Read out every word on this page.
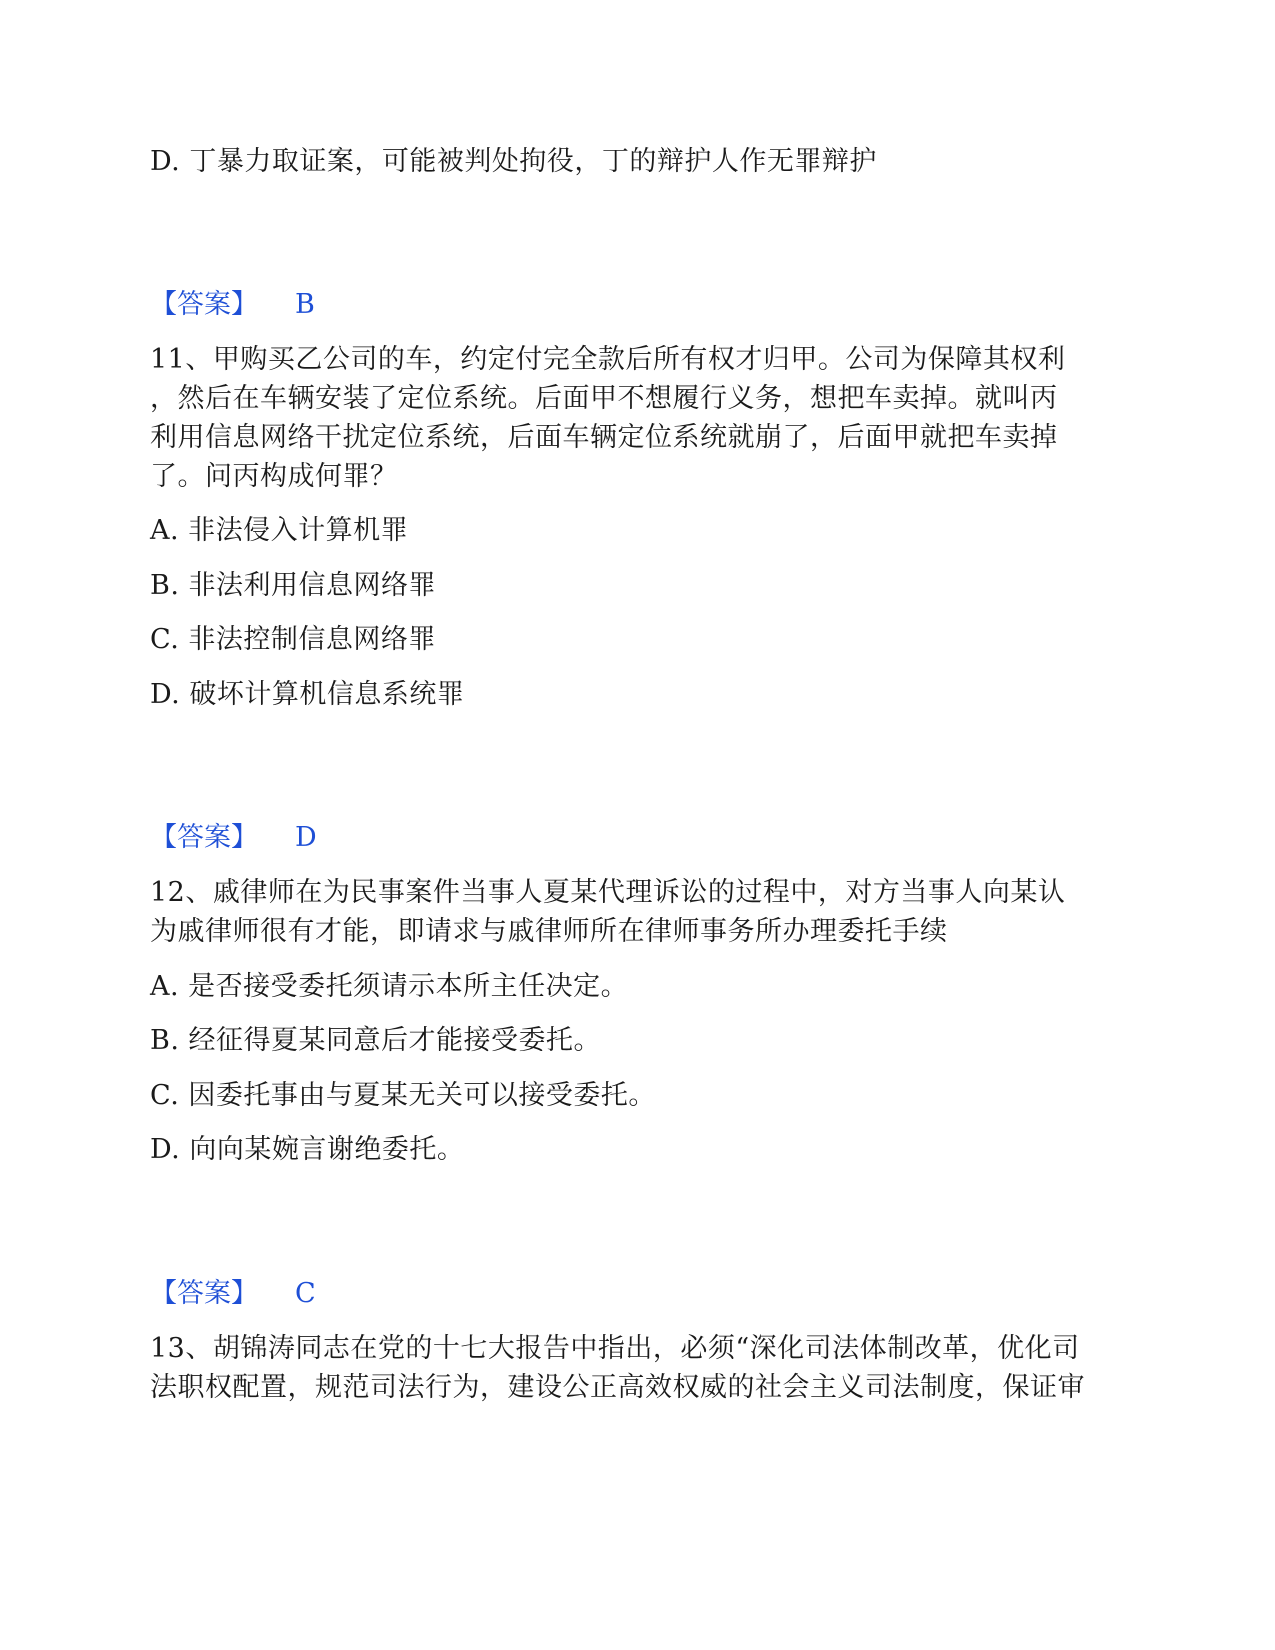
D. 丁暴力取证案，可能被判处拘役，丁的辩护人作无罪辩护
【答案】 B
11、甲购买乙公司的车，约定付完全款后所有权才归甲。公司为保障其权利
，然后在车辆安装了定位系统。后面甲不想履行义务，想把车卖掉。就叫丙
利用信息网络干扰定位系统，后面车辆定位系统就崩了，后面甲就把车卖掉
了。问丙构成何罪？
A. 非法侵入计算机罪
B. 非法利用信息网络罪
C. 非法控制信息网络罪
D. 破坏计算机信息系统罪
【答案】 D
12、戚律师在为民事案件当事人夏某代理诉讼的过程中，对方当事人向某认
为戚律师很有才能，即请求与戚律师所在律师事务所办理委托手续
A. 是否接受委托须请示本所主任决定。
B. 经征得夏某同意后才能接受委托。
C. 因委托事由与夏某无关可以接受委托。
D. 向向某婉言谢绝委托。
【答案】 C
13、胡锦涛同志在党的十七大报告中指出，必须“深化司法体制改革，优化司
法职权配置，规范司法行为，建设公正高效权威的社会主义司法制度，保证审
